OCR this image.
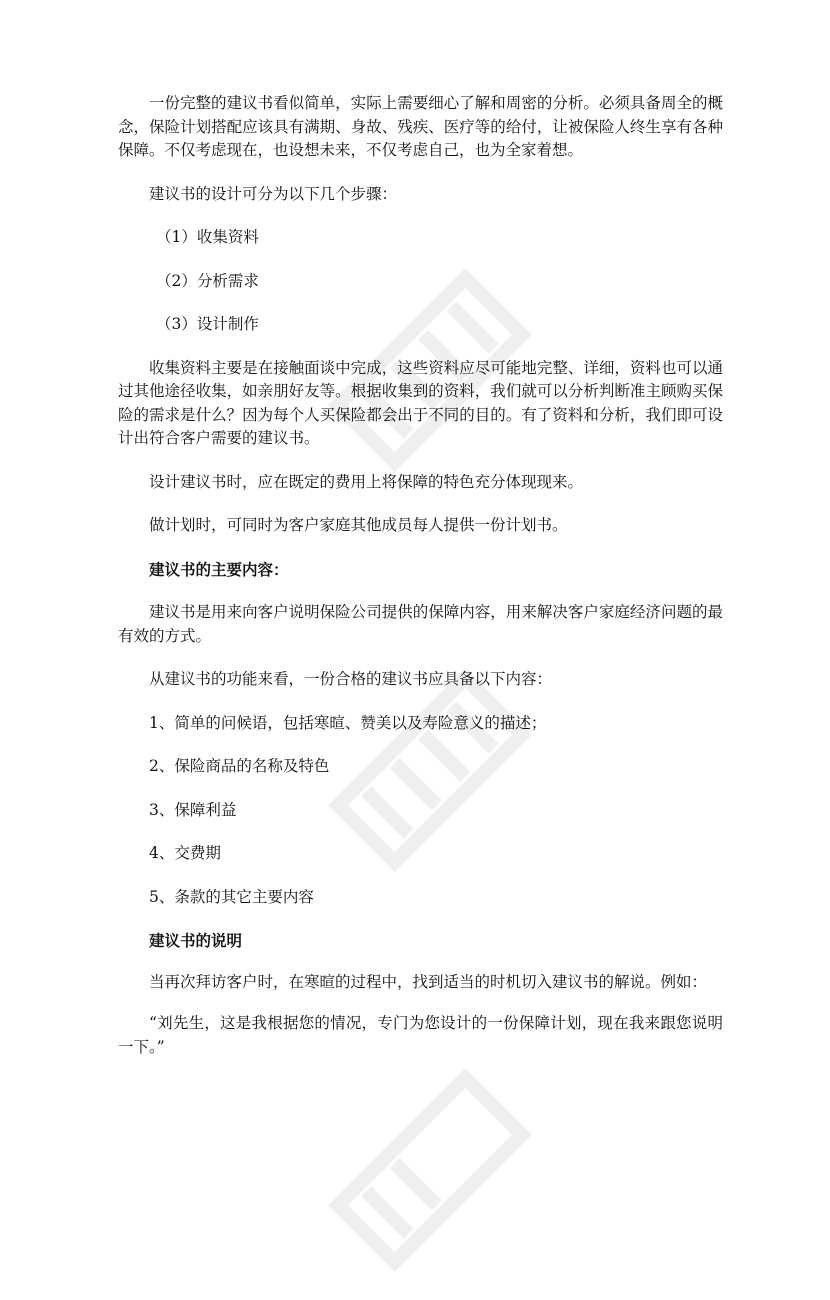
一份完整的建议书看似简单，实际上需要细心了解和周密的分析。必须具备周全的概念，保险计划搭配应该具有满期、身故、残疾、医疗等的给付，让被保险人终生享有各种保障。不仅考虑现在，也设想未来，不仅考虑自己，也为全家着想。

建议书的设计可分为以下几个步骤：

（1）收集资料

（2）分析需求

（3）设计制作

收集资料主要是在接触面谈中完成，这些资料应尽可能地完整、详细，资料也可以通过其他途径收集，如亲朋好友等。根据收集到的资料，我们就可以分析判断准主顾购买保险的需求是什么？因为每个人买保险都会出于不同的目的。有了资料和分析，我们即可设计出符合客户需要的建议书。

设计建议书时，应在既定的费用上将保障的特色充分体现现来。

做计划时，可同时为客户家庭其他成员每人提供一份计划书。

建议书的主要内容：

建议书是用来向客户说明保险公司提供的保障内容，用来解决客户家庭经济问题的最有效的方式。

从建议书的功能来看，一份合格的建议书应具备以下内容：

1、简单的问候语，包括寒暄、赞美以及寿险意义的描述；

2、保险商品的名称及特色

3、保障利益

4、交费期

5、条款的其它主要内容

建议书的说明

当再次拜访客户时，在寒暄的过程中，找到适当的时机切入建议书的解说。例如：

“刘先生，这是我根据您的情况，专门为您设计的一份保障计划，现在我来跟您说明一下。”
